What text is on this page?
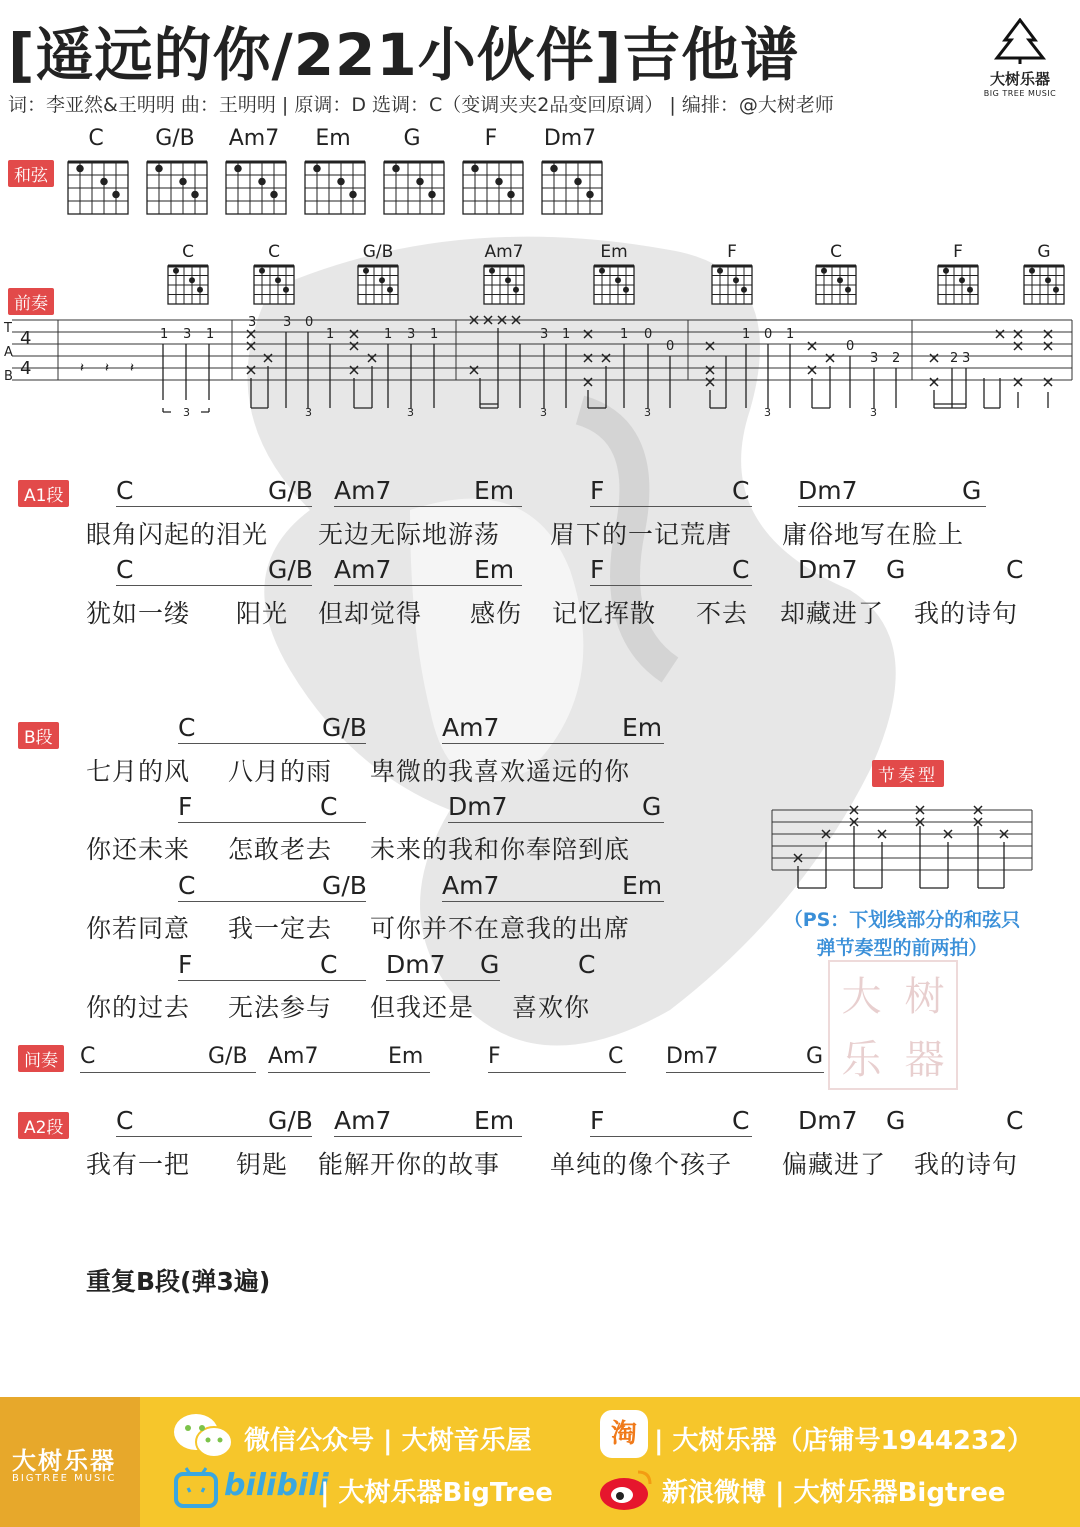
[遥远的你/221小伙伴]吉他谱
词：李亚然&王明明 曲：王明明 | 原调：D 选调：C（变调夹夹2品变回原调） | 编排：@大树老师
大树乐器
BIG TREE MUSIC
和弦
C	G/B	Am7	Em	G	F	Dm7
前奏
C	C	G/B	Am7	Em	F	C	F	G
T
A
B
4
4	𝄽 𝄽 𝄽
1 3 1
3 3 0
1	1 3 1	3 1	1 0
0
1 0 1
0
3 2	2 3
3	3	3	3	3	3	3
A1段 C	G/B Am7	Em	F	C Dm7	G
眼角闪起的泪光 无边无际地游荡 眉下的一记荒唐 庸俗地写在脸上
C	G/B Am7	Em	F	C Dm7 G	C
犹如一缕 阳光 但却觉得 感伤 记忆挥散 不去 却藏进了 我的诗句
B段	C	G/B	Am7	Em
七月的风 八月的雨 卑微的我喜欢遥远的你
F	C	Dm7	G
你还未来 怎敢老去 未来的我和你奉陪到底
C	G/B	Am7	Em
你若同意 我一定去 可你并不在意我的出席
F	C Dm7 G	C
你的过去 无法参与 但我还是 喜欢你
间奏 C	G/B Am7	Em	F	C Dm7	G
A2段 C	G/B Am7	Em	F	C Dm7 G	C
我有一把 钥匙 能解开你的故事 单纯的像个孩子 偏藏进了 我的诗句
节奏型
（PS：下划线部分的和弦只弹节奏型的前两拍）
大 树
乐 器
重复B段(弹3遍)
大树乐器
BIGTREE MUSIC
微信公众号 | 大树音乐屋	淘 | 大树乐器（店铺号1944232）
bilibili
| 大树乐器BigTree	新浪微博 | 大树乐器Bigtree
